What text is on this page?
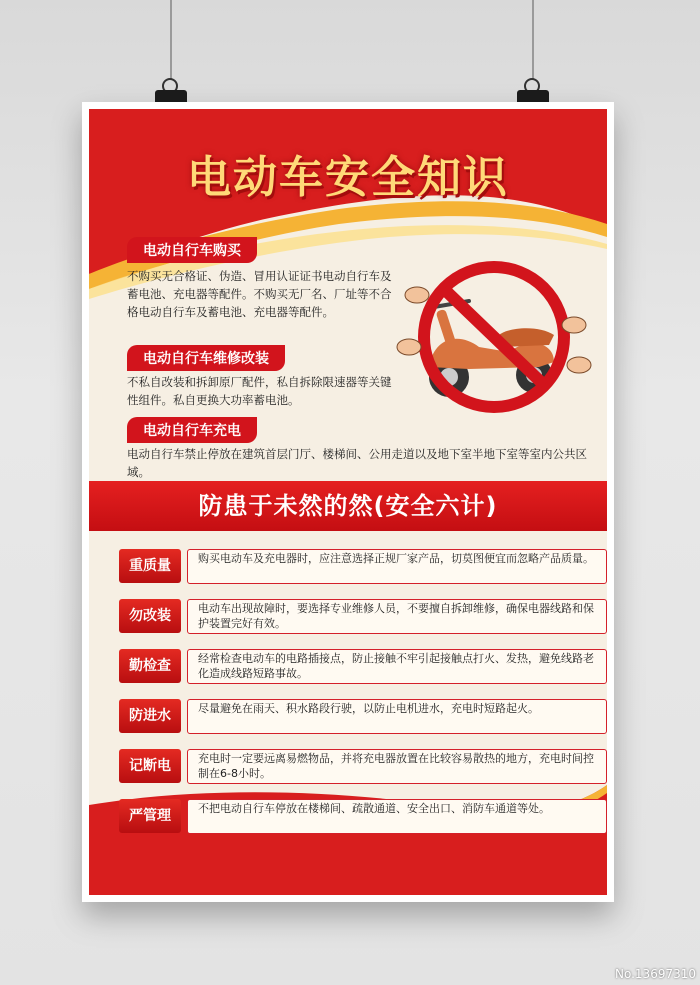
电动车安全知识
电动自行车购买
不购买无合格证、伪造、冒用认证证书电动自行车及蓄电池、充电器等配件。不购买无厂名、厂址等不合格电动自行车及蓄电池、充电器等配件。
电动自行车维修改装
不私自改装和拆卸原厂配件，私自拆除限速器等关键性组件。私自更换大功率蓄电池。
电动自行车充电
电动自行车禁止停放在建筑首层门厅、楼梯间、公用走道以及地下室半地下室等室内公共区域。
防患于未然的然(安全六计)
重质量	购买电动车及充电器时，应注意选择正规厂家产品，切莫图便宜而忽略产品质量。
勿改装	电动车出现故障时，要选择专业维修人员，不要擅自拆卸维修，确保电器线路和保护装置完好有效。
勤检查	经常检查电动车的电路插接点，防止接触不牢引起接触点打火、发热，避免线路老化造成线路短路事故。
防进水	尽量避免在雨天、积水路段行驶，以防止电机进水，充电时短路起火。
记断电	充电时一定要远离易燃物品，并将充电器放置在比较容易散热的地方，充电时间控制在6-8小时。
严管理	不把电动自行车停放在楼梯间、疏散通道、安全出口、消防车通道等处。
No.13697310
